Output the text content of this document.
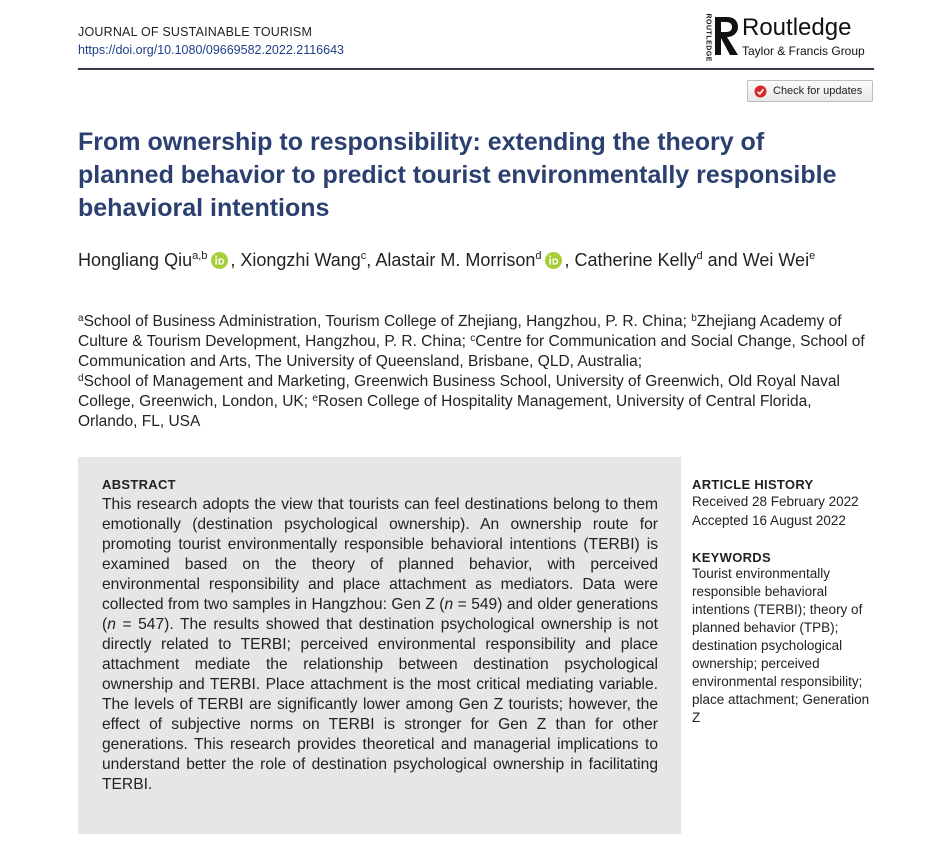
JOURNAL OF SUSTAINABLE TOURISM
https://doi.org/10.1080/09669582.2022.2116643	ROUTLEDGE Routledge
Taylor & Francis Group
Check for updates
From ownership to responsibility: extending the theory of planned behavior to predict tourist environmentally responsible behavioral intentions
Hongliang Qiu$^{a,b}$ , Xiongzhi Wang$^c$, Alastair M. Morrison$^d$ , Catherine Kelly$^d$ and Wei Wei$^e$
$^a$School of Business Administration, Tourism College of Zhejiang, Hangzhou, P. R. China; $^b$Zhejiang Academy of Culture & Tourism Development, Hangzhou, P. R. China; $^c$Centre for Communication and Social Change, School of Communication and Arts, The University of Queensland, Brisbane, QLD, Australia;
$^d$School of Management and Marketing, Greenwich Business School, University of Greenwich, Old Royal Naval College, Greenwich, London, UK; $^e$Rosen College of Hospitality Management, University of Central Florida, Orlando, FL, USA
ABSTRACT

This research adopts the view that tourists can feel destinations belong to them emotionally (destination psychological ownership). An ownership route for promoting tourist environmentally responsible behavioral intentions (TERBI) is examined based on the theory of planned behavior, with perceived environmental responsibility and place attachment as mediators. Data were collected from two samples in Hangzhou: Gen Z (n = 549) and older generations (n = 547). The results showed that destination psychological ownership is not directly related to TERBI; perceived environmental responsibility and place attachment mediate the relationship between destination psychological ownership and TERBI. Place attachment is the most critical mediating variable. The levels of TERBI are significantly lower among Gen Z tourists; however, the effect of subjective norms on TERBI is stronger for Gen Z than for other generations. This research provides theoretical and managerial implications to understand better the role of destination psychological ownership in facilitating TERBI.

ARTICLE HISTORY
Received 28 February 2022
Accepted 16 August 2022
KEYWORDS
Tourist environmentally responsible behavioral intentions (TERBI); theory of planned behavior (TPB); destination psychological ownership; perceived environmental responsibility; place attachment; Generation Z
